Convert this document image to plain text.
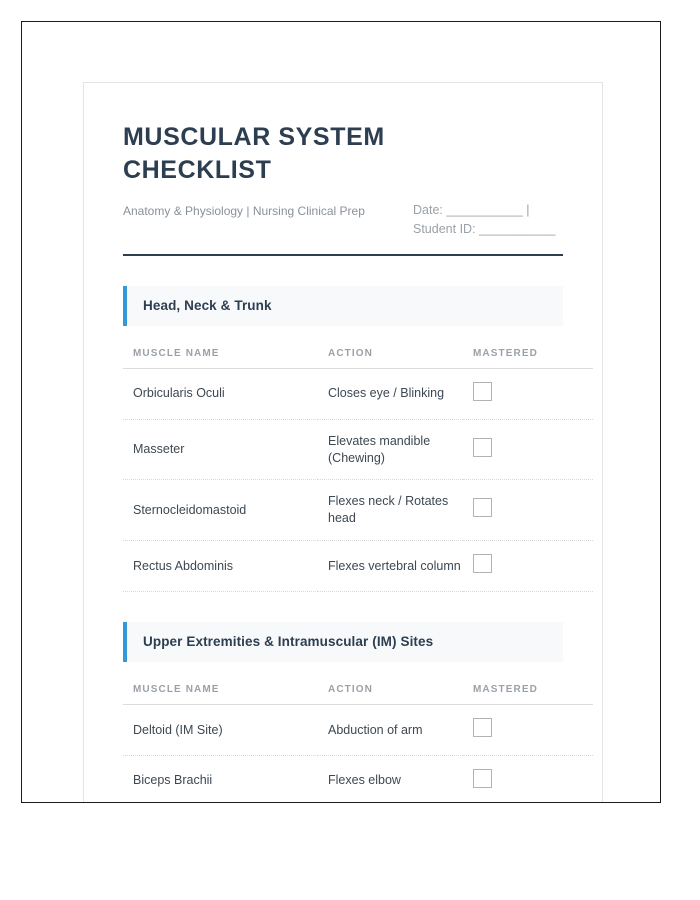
MUSCULAR SYSTEM CHECKLIST
Anatomy & Physiology | Nursing Clinical Prep	Date: ___________ | Student ID: ___________
Head, Neck & Trunk
MUSCLE NAME	ACTION	MASTERED
Orbicularis Oculi	Closes eye / Blinking	
Masseter	Elevates mandible (Chewing)	
Sternocleidomastoid	Flexes neck / Rotates head	
Rectus Abdominis	Flexes vertebral column	
Upper Extremities & Intramuscular (IM) Sites
MUSCLE NAME	ACTION	MASTERED
Deltoid (IM Site)	Abduction of arm	
Biceps Brachii	Flexes elbow	
